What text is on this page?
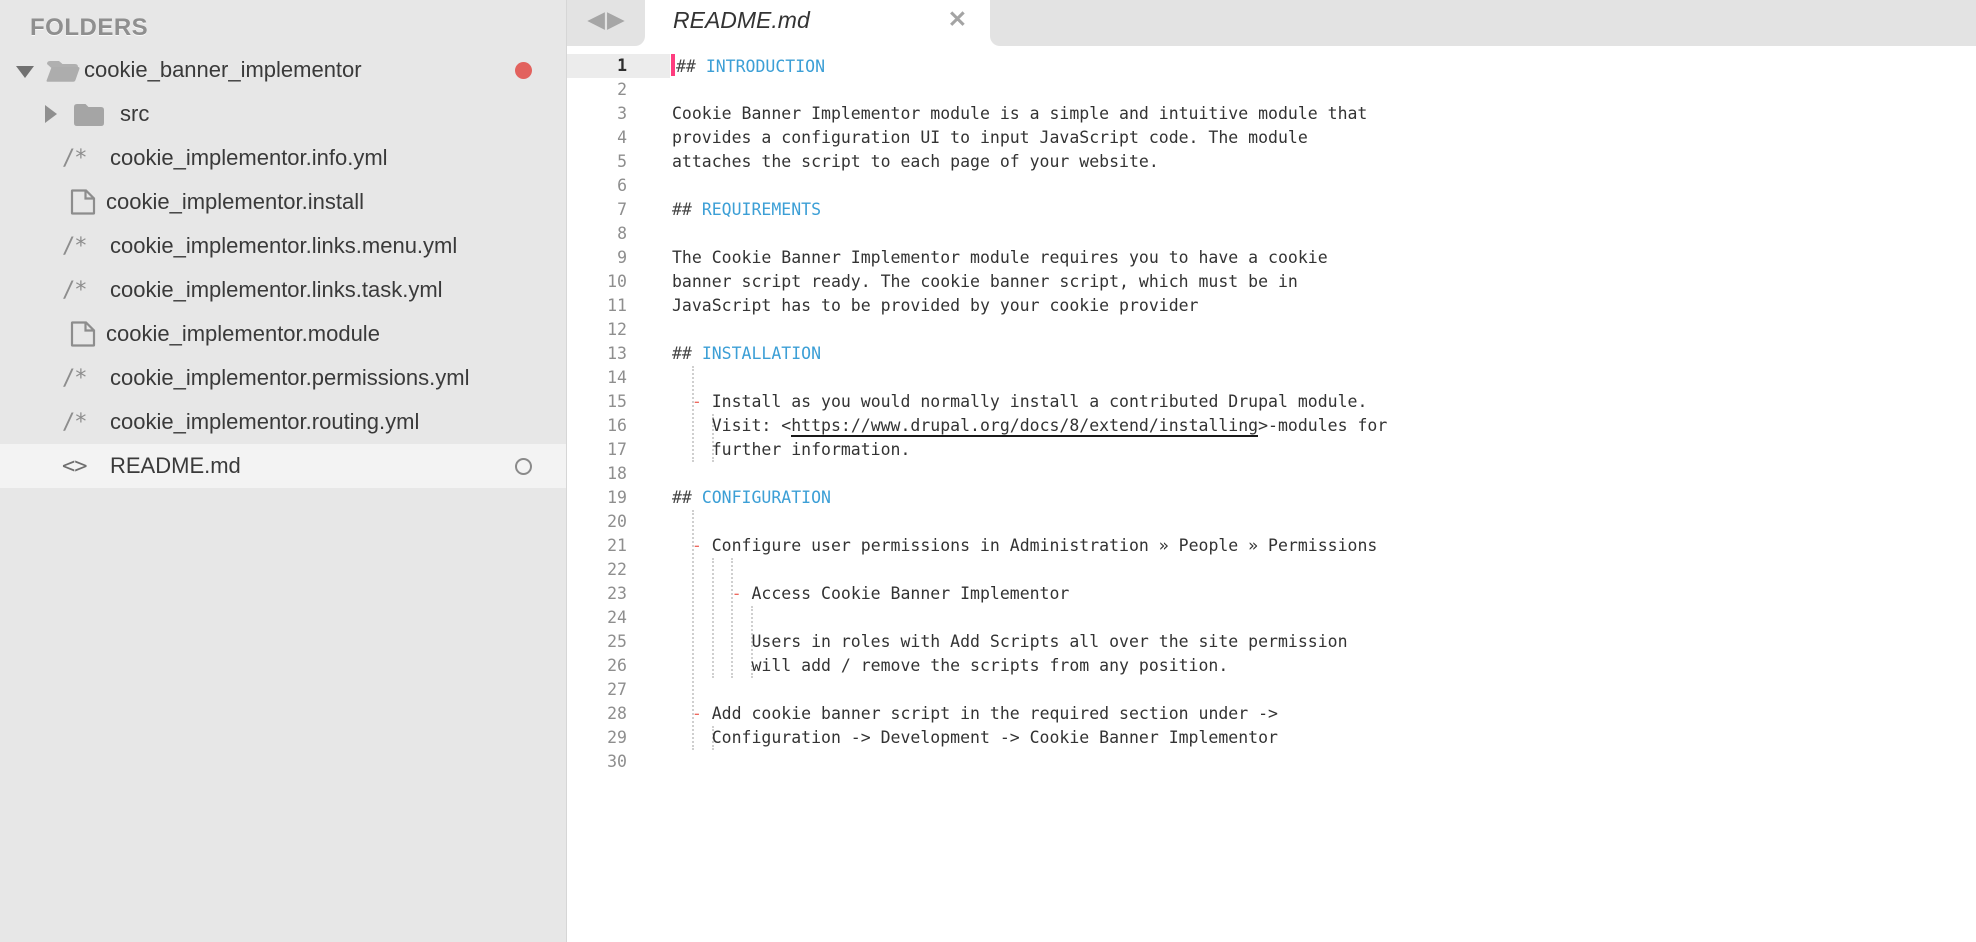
FOLDERS
cookie_banner_implementor
src
/*	cookie_implementor.info.yml
cookie_implementor.install
/*	cookie_implementor.links.menu.yml
/*	cookie_implementor.links.task.yml
cookie_implementor.module
/*	cookie_implementor.permissions.yml
/*	cookie_implementor.routing.yml
<>	README.md
◀ ▶ README.md	✕
1	## INTRODUCTION
2
3	Cookie Banner Implementor module is a simple and intuitive module that
4	provides a configuration UI to input JavaScript code. The module
5	attaches the script to each page of your website.
6
7	## REQUIREMENTS
8
9	The Cookie Banner Implementor module requires you to have a cookie
10	banner script ready. The cookie banner script, which must be in
11	JavaScript has to be provided by your cookie provider
12
13	## INSTALLATION
14
15	- Install as you would normally install a contributed Drupal module.
16	Visit: <https://www.drupal.org/docs/8/extend/installing>-modules for
17	further information.
18
19	## CONFIGURATION
20
21	- Configure user permissions in Administration » People » Permissions
22
23	- Access Cookie Banner Implementor
24
25	Users in roles with Add Scripts all over the site permission
26	will add / remove the scripts from any position.
27
28	- Add cookie banner script in the required section under ->
29	Configuration -> Development -> Cookie Banner Implementor
30
